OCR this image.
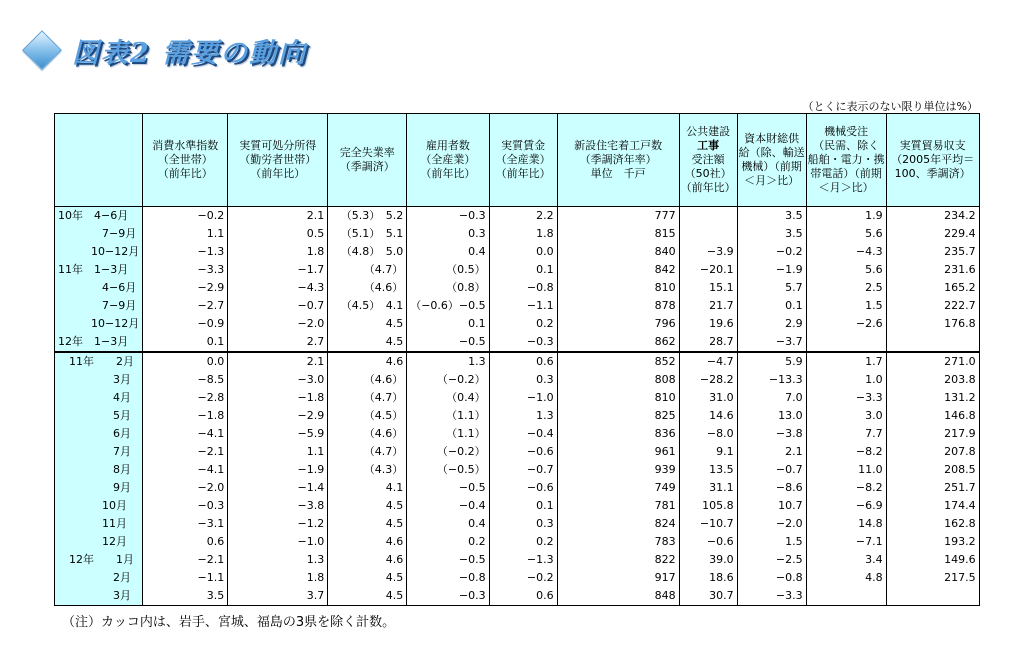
図表2 需要の動向
（とくに表示のない限り単位は%）

	消費水準指数
（全世帯）
（前年比）	実質可処分所得
（勤労者世帯）
（前年比）	完全失業率
（季調済）	雇用者数
（全産業）
（前年比）	実質賃金
（全産業）
（前年比）	新設住宅着工戸数
（季調済年率）
単位　千戸	公共建設
工事
受注額
（50社）
（前年比）	資本財総供
給（除、輸送
機械）（前期
＜月＞比）	機械受注
（民需、除く
船舶・電力・携
帯電話）（前期
＜月＞比）	実質貿易収支
（2005年平均＝
100、季調済）

10年　4−6月	−0.2	2.1	（5.3）　5.2	−0.3	2.2	777		3.5	1.9	234.2
　　　　7−9月	1.1	0.5	（5.1）　5.1	0.3	1.8	815		3.5	5.6	229.4
　　　10−12月	−1.3	1.8	（4.8）　5.0	0.4	0.0	840	−3.9	−0.2	−4.3	235.7
11年　1−3月	−3.3	−1.7	（4.7）	（0.5）	0.1	842	−20.1	−1.9	5.6	231.6
　　　　4−6月	−2.9	−4.3	（4.6）	（0.8）	−0.8	810	15.1	5.7	2.5	165.2
　　　　7−9月	−2.7	−0.7	（4.5）　4.1	（−0.6）−0.5	−1.1	878	21.7	0.1	1.5	222.7
　　　10−12月	−0.9	−2.0	4.5	0.1	0.2	796	19.6	2.9	−2.6	176.8
12年　1−3月	0.1	2.7	4.5	−0.5	−0.3	862	28.7	−3.7		
　11年　　2月	0.0	2.1	4.6	1.3	0.6	852	−4.7	5.9	1.7	271.0
　　　　　3月	−8.5	−3.0	（4.6）	（−0.2）	0.3	808	−28.2	−13.3	1.0	203.8
　　　　　4月	−2.8	−1.8	（4.7）	（0.4）	−1.0	810	31.0	7.0	−3.3	131.2
　　　　　5月	−1.8	−2.9	（4.5）	（1.1）	1.3	825	14.6	13.0	3.0	146.8
　　　　　6月	−4.1	−5.9	（4.6）	（1.1）	−0.4	836	−8.0	−3.8	7.7	217.9
　　　　　7月	−2.1	1.1	（4.7）	（−0.2）	−0.6	961	9.1	2.1	−8.2	207.8
　　　　　8月	−4.1	−1.9	（4.3）	（−0.5）	−0.7	939	13.5	−0.7	11.0	208.5
　　　　　9月	−2.0	−1.4	4.1	−0.5	−0.6	749	31.1	−8.6	−8.2	251.7
　　　　10月	−0.3	−3.8	4.5	−0.4	0.1	781	105.8	10.7	−6.9	174.4
　　　　11月	−3.1	−1.2	4.5	0.4	0.3	824	−10.7	−2.0	14.8	162.8
　　　　12月	0.6	−1.0	4.6	0.2	0.2	783	−0.6	1.5	−7.1	193.2
　12年　　1月	−2.1	1.3	4.6	−0.5	−1.3	822	39.0	−2.5	3.4	149.6
　　　　　2月	−1.1	1.8	4.5	−0.8	−0.2	917	18.6	−0.8	4.8	217.5
　　　　　3月	3.5	3.7	4.5	−0.3	0.6	848	30.7	−3.3		
（注）カッコ内は、岩手、宮城、福島の3県を除く計数。
